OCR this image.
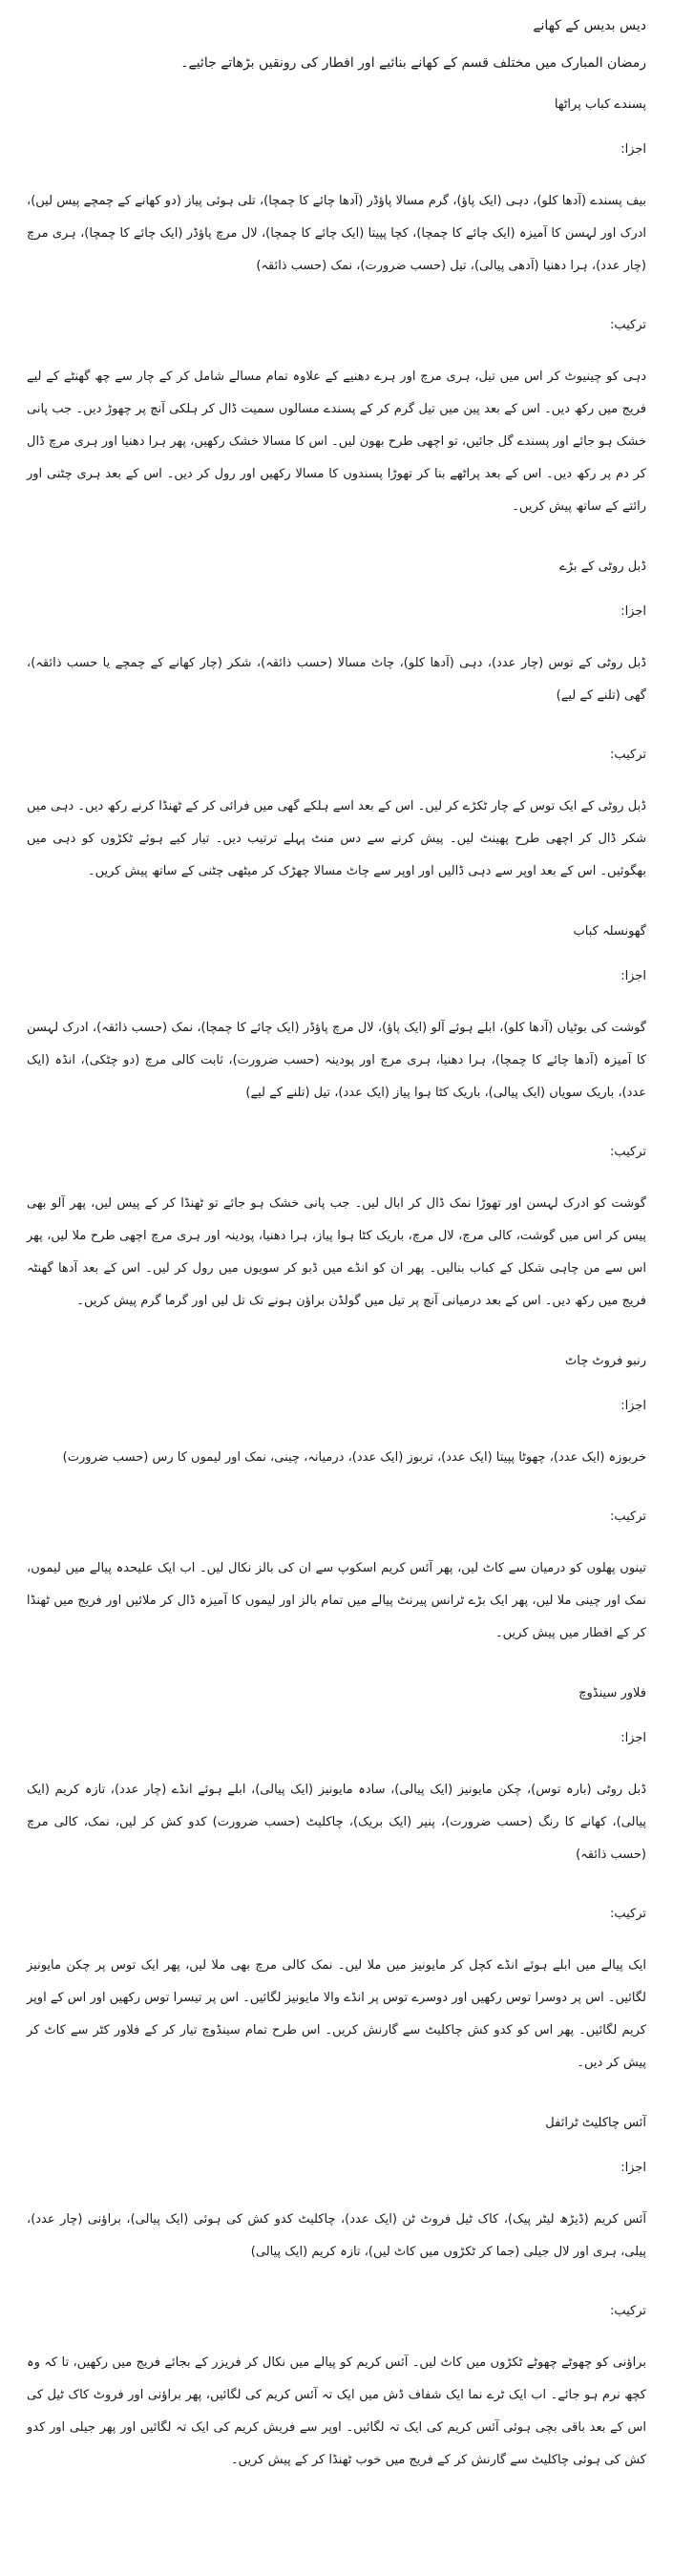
دیس بدیس کے کھانے
رمضان المبارک میں مختلف قسم کے کھانے بنائیے اور افطار کی رونقیں بڑھاتے جائیے۔
پسندے کباب پراٹھا
اجزا:
بیف پسندے (آدھا کلو)، دہی (ایک پاؤ)، گرم مسالا پاؤڈر (آدھا چائے کا چمچا)، تلی ہوئی پیاز (دو کھانے کے چمچے پیس لیں)، ادرک اور لہسن کا آمیزہ (ایک چائے کا چمچا)، کچا پپیتا (ایک چائے کا چمچا)، لال مرچ پاؤڈر (ایک چائے کا چمچا)، ہری مرچ (چار عدد)، ہرا دھنیا (آدھی پیالی)، تیل (حسب ضرورت)، نمک (حسب ذائقہ)
ترکیب:
دہی کو چینیوٹ کر اس میں تیل، ہری مرچ اور ہرے دھنیے کے علاوہ تمام مسالے شامل کر کے چار سے چھ گھنٹے کے لیے فریج میں رکھ دیں۔ اس کے بعد پین میں تیل گرم کر کے پسندے مسالوں سمیت ڈال کر ہلکی آنچ پر چھوڑ دیں۔ جب پانی خشک ہو جائے اور پسندے گل جائیں، تو اچھی طرح بھون لیں۔ اس کا مسالا خشک رکھیں، پھر ہرا دھنیا اور ہری مرچ ڈال کر دم پر رکھ دیں۔ اس کے بعد پراٹھے بنا کر تھوڑا پسندوں کا مسالا رکھیں اور رول کر دیں۔ اس کے بعد ہری چٹنی اور رائتے کے ساتھ پیش کریں۔
ڈبل روٹی کے بڑے
اجزا:
ڈبل روٹی کے توس (چار عدد)، دہی (آدھا کلو)، چاٹ مسالا (حسب ذائقہ)، شکر (چار کھانے کے چمچے یا حسب ذائقہ)، گھی (تلنے کے لیے)
ترکیب:
ڈبل روٹی کے ایک توس کے چار ٹکڑے کر لیں۔ اس کے بعد اسے ہلکے گھی میں فرائی کر کے ٹھنڈا کرنے رکھ دیں۔ دہی میں شکر ڈال کر اچھی طرح پھینٹ لیں۔ پیش کرنے سے دس منٹ پہلے ترتیب دیں۔ تیار کیے ہوئے ٹکڑوں کو دہی میں بھگوئیں۔ اس کے بعد اوپر سے دہی ڈالیں اور اوپر سے چاٹ مسالا چھڑک کر میٹھی چٹنی کے ساتھ پیش کریں۔
گھونسلہ کباب
اجزا:
گوشت کی بوٹیاں (آدھا کلو)، ابلے ہوئے آلو (ایک پاؤ)، لال مرچ پاؤڈر (ایک چائے کا چمچا)، نمک (حسب ذائقہ)، ادرک لہسن کا آمیزہ (آدھا چائے کا چمچا)، ہرا دھنیا، ہری مرچ اور پودینہ (حسب ضرورت)، ثابت کالی مرچ (دو چٹکی)، انڈہ (ایک عدد)، باریک سویاں (ایک پیالی)، باریک کٹا ہوا پیاز (ایک عدد)، تیل (تلنے کے لیے)
ترکیب:
گوشت کو ادرک لہسن اور تھوڑا نمک ڈال کر ابال لیں۔ جب پانی خشک ہو جائے تو ٹھنڈا کر کے پیس لیں، پھر آلو بھی پیس کر اس میں گوشت، کالی مرچ، لال مرچ، باریک کٹا ہوا پیاز، ہرا دھنیا، پودینہ اور ہری مرچ اچھی طرح ملا لیں، پھر اس سے من چاہی شکل کے کباب بنالیں۔ پھر ان کو انڈے میں ڈبو کر سویوں میں رول کر لیں۔ اس کے بعد آدھا گھنٹہ فریج میں رکھ دیں۔ اس کے بعد درمیانی آنچ پر تیل میں گولڈن براؤن ہونے تک تل لیں اور گرما گرم پیش کریں۔
رنبو فروٹ چاٹ
اجزا:
خربوزہ (ایک عدد)، چھوٹا پپیتا (ایک عدد)، تربوز (ایک عدد)، درمیانہ، چینی، نمک اور لیموں کا رس (حسب ضرورت)
ترکیب:
تینوں پھلوں کو درمیان سے کاٹ لیں، پھر آئس کریم اسکوپ سے ان کی بالز نکال لیں۔ اب ایک علیحدہ پیالے میں لیموں، نمک اور چینی ملا لیں، پھر ایک بڑے ٹرانس پیرنٹ پیالے میں تمام بالز اور لیموں کا آمیزہ ڈال کر ملائیں اور فریج میں ٹھنڈا کر کے افطار میں پیش کریں۔
فلاور سینڈوچ
اجزا:
ڈبل روٹی (بارہ توس)، چکن مایونیز (ایک پیالی)، سادہ مایونیز (ایک پیالی)، ابلے ہوئے انڈے (چار عدد)، تازہ کریم (ایک پیالی)، کھانے کا رنگ (حسب ضرورت)، پنیر (ایک بریک)، چاکلیٹ (حسب ضرورت) کدو کش کر لیں، نمک، کالی مرچ (حسب ذائقہ)
ترکیب:
ایک پیالے میں ابلے ہوئے انڈے کچل کر مایونیز میں ملا لیں۔ نمک کالی مرچ بھی ملا لیں، پھر ایک توس پر چکن مایونیز لگائیں۔ اس پر دوسرا توس رکھیں اور دوسرے توس پر انڈے والا مایونیز لگائیں۔ اس پر تیسرا توس رکھیں اور اس کے اوپر کریم لگائیں۔ پھر اس کو کدو کش چاکلیٹ سے گارنش کریں۔ اس طرح تمام سینڈوچ تیار کر کے فلاور کٹر سے کاٹ کر پیش کر دیں۔
آئس چاکلیٹ ٹرائفل
اجزا:
آئس کریم (ڈیڑھ لیٹر پیک)، کاک ٹیل فروٹ ٹن (ایک عدد)، چاکلیٹ کدو کش کی ہوئی (ایک پیالی)، براؤنی (چار عدد)، پیلی، ہری اور لال جیلی (جما کر ٹکڑوں میں کاٹ لیں)، تازہ کریم (ایک پیالی)
ترکیب:
براؤنی کو چھوٹے چھوٹے ٹکڑوں میں کاٹ لیں۔ آئس کریم کو پیالے میں نکال کر فریزر کے بجائے فریج میں رکھیں، تا کہ وہ کچھ نرم ہو جائے۔ اب ایک ٹرے نما ایک شفاف ڈش میں ایک تہ آئس کریم کی لگائیں، پھر براؤنی اور فروٹ کاک ٹیل کی اس کے بعد باقی بچی ہوئی آئس کریم کی ایک تہ لگائیں۔ اوپر سے فریش کریم کی ایک تہ لگائیں اور پھر جیلی اور کدو کش کی ہوئی چاکلیٹ سے گارنش کر کے فریج میں خوب ٹھنڈا کر کے پیش کریں۔
